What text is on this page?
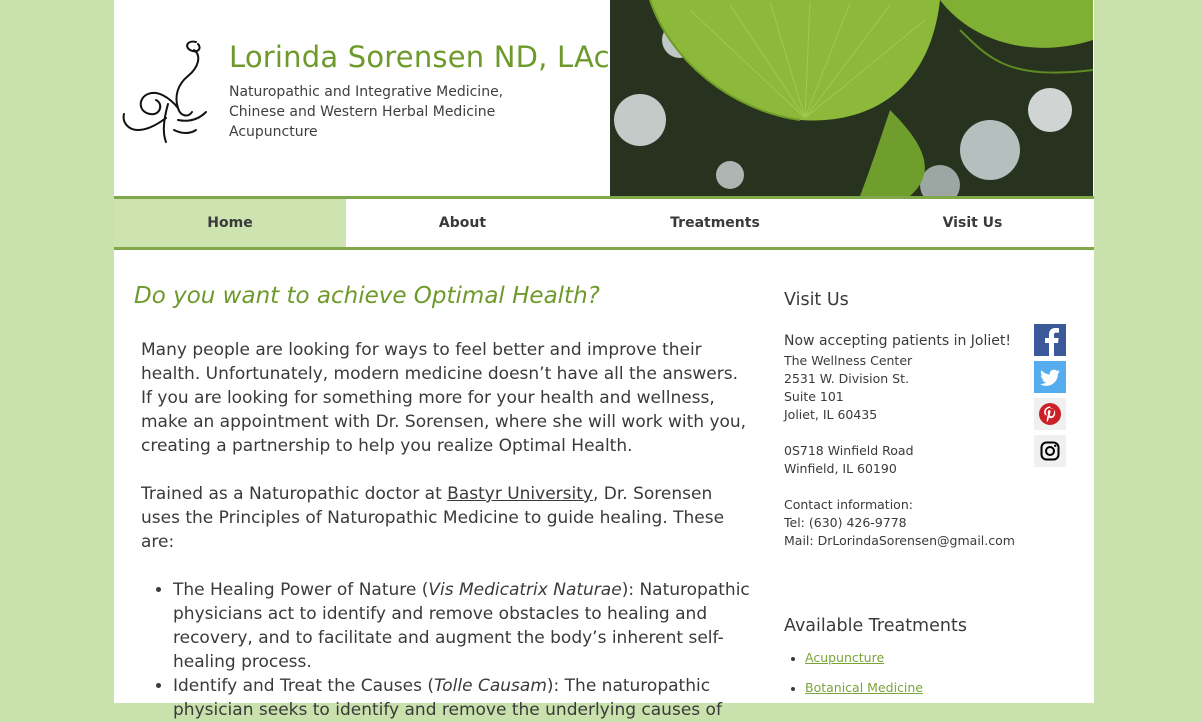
Lorinda Sorensen ND, LAc
Naturopathic and Integrative Medicine,
Chinese and Western Herbal Medicine
Acupuncture
Home	About	Treatments	Visit Us
Do you want to achieve Optimal Health?

Many people are looking for ways to feel better and improve their health. Unfortunately, modern medicine doesn’t have all the answers. If you are looking for something more for your health and wellness, make an appointment with Dr. Sorensen, where she will work with you, creating a partnership to help you realize Optimal Health.

Trained as a Naturopathic doctor at Bastyr University, Dr. Sorensen uses the Principles of Naturopathic Medicine to guide healing. These are:

• The Healing Power of Nature (Vis Medicatrix Naturae): Naturopathic physicians act to identify and remove obstacles to healing and recovery, and to facilitate and augment the body’s inherent self-healing process.
• Identify and Treat the Causes (Tolle Causam): The naturopathic physician seeks to identify and remove the underlying causes of
Visit Us
Now accepting patients in Joliet!
The Wellness Center
2531 W. Division St.
Suite 101
Joliet, IL 60435
0S718 Winfield Road
Winfield, IL 60190
Contact information:
Tel: (630) 426-9778
Mail: DrLorindaSorensen@gmail.com
Available Treatments
Acupuncture
Botanical Medicine
